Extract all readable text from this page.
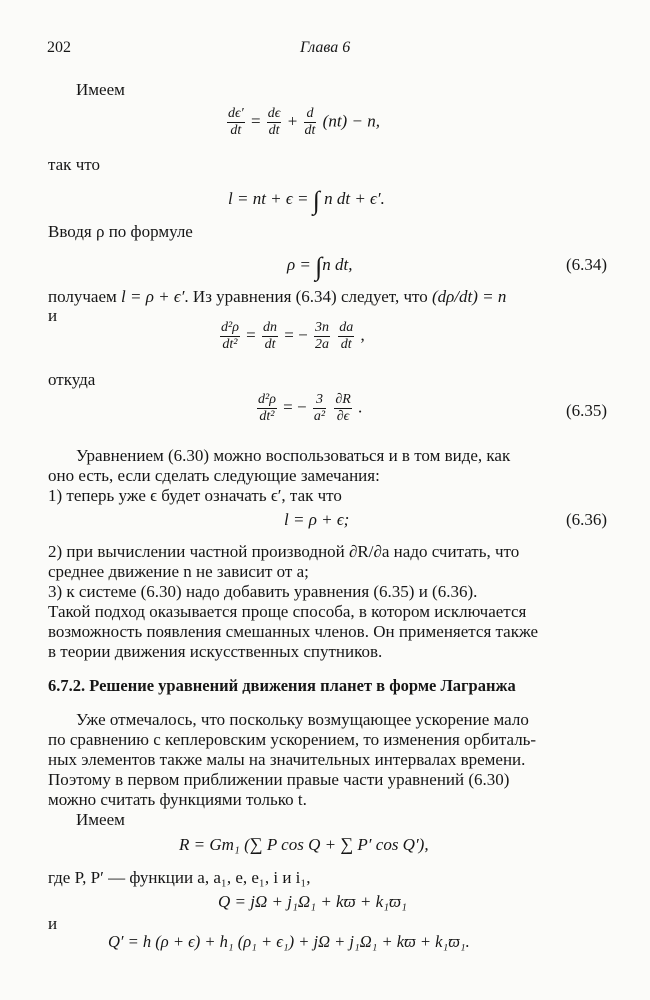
202	Глава 6
Имеем
$\frac{d\epsilon'}{dt} = \frac{d\epsilon}{dt} + \frac{d}{dt} (nt) - n$,
так что
l = nt + ϵ = ∫ n dt + ϵ′.
Вводя ρ по формуле
ρ = ∫n dt,	(6.34)
получаем l = ρ + ϵ′. Из уравнения (6.34) следует, что (dρ/dt) = n
и
$\frac{\text{d²ρ}}{\text{dt²}} = \frac{dn}{dt}$ = − $\frac{3n}{2a}$
$\frac{da}{dt}$ ,
откуда
$\frac{\text{d²ρ}}{\text{dt²}}$ = − $\frac{3}{\text{a²}}$
$\frac{\partial R}{\partial\epsilon}$ .	(6.35)
Уравнением (6.30) можно воспользоваться и в том виде, как
оно есть, если сделать следующие замечания:
1) теперь уже ϵ будет означать ϵ′, так что
l = ρ + ϵ;	(6.36)
2) при вычислении частной производной ∂R/∂a надо считать, что
среднее движение n не зависит от a;
3) к системе (6.30) надо добавить уравнения (6.35) и (6.36).
Такой подход оказывается проще способа, в котором исключается
возможность появления смешанных членов. Он применяется также
в теории движения искусственных спутников.
6.7.2. Решение уравнений движения планет в форме Лагранжа
Уже отмечалось, что поскольку возмущающее ускорение мало
по сравнению с кеплеровским ускорением, то изменения орбиталь-
ных элементов также малы на значительных интервалах времени.
Поэтому в первом приближении правые части уравнений (6.30)
можно считать функциями только t.
Имеем
R = Gm₁ (∑ P cos Q + ∑ P′ cos Q′),
где P, P′ — функции a, a₁, e, e₁, i и i₁,
Q = jΩ + j₁Ω₁ + kϖ + k₁ϖ₁
и
Q′ = h (ρ + ϵ) + h₁ (ρ₁ + ϵ₁) + jΩ + j₁Ω₁ + kϖ + k₁ϖ₁.
